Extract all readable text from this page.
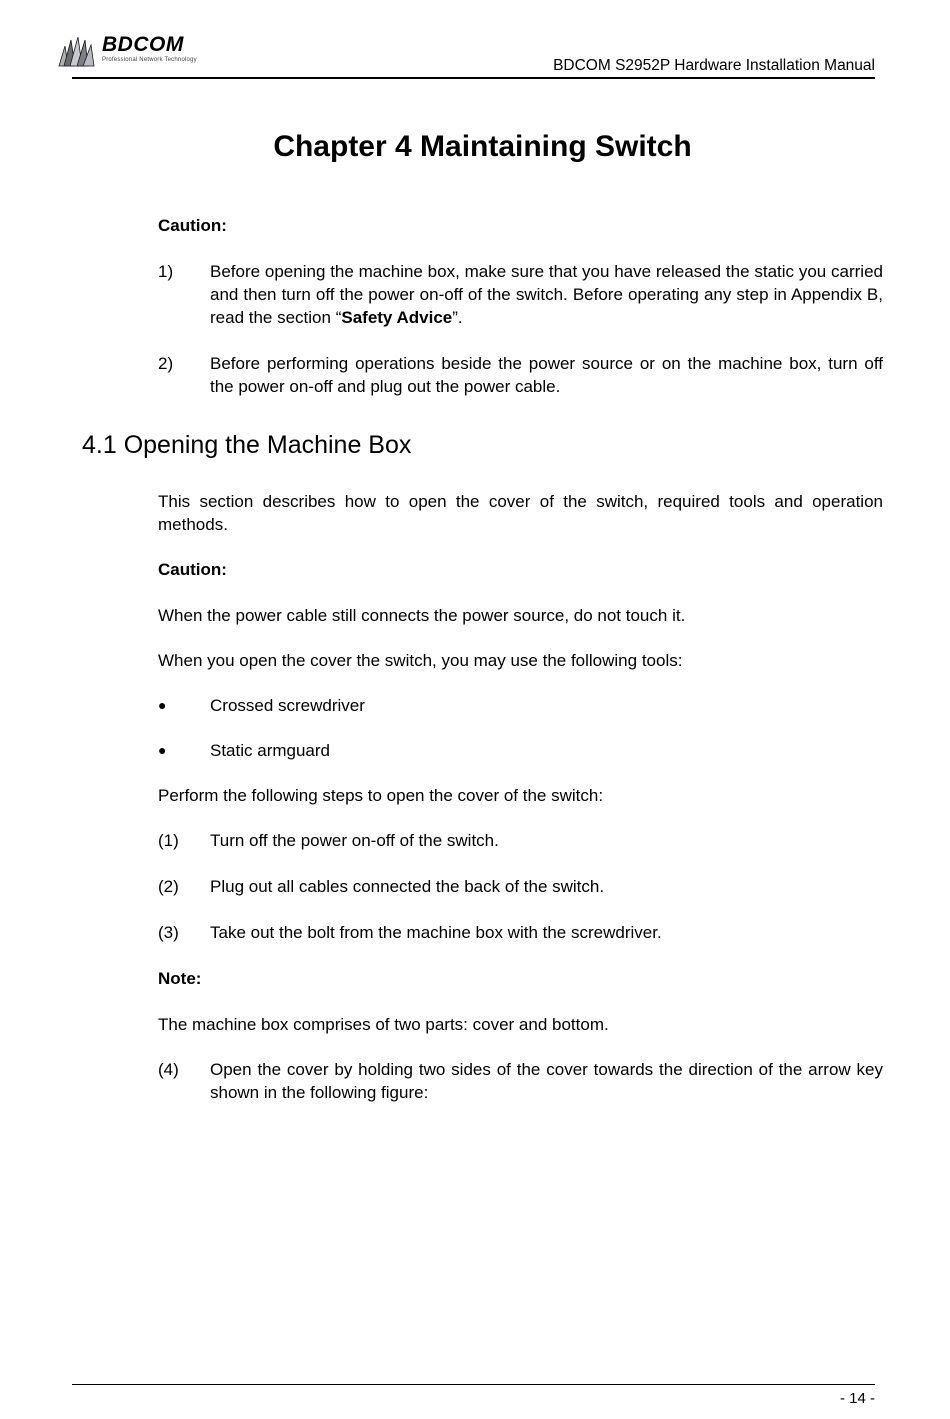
BDCOM
Professional Network Technology	BDCOM S2952P Hardware Installation Manual
Chapter 4 Maintaining Switch

Caution:

1)	Before opening the machine box, make sure that you have released the static you carried and then turn off the power on-off of the switch. Before operating any step in Appendix B, read the section “Safety Advice”.
2)	Before performing operations beside the power source or on the machine box, turn off the power on-off and plug out the power cable.
4.1 Opening the Machine Box

This section describes how to open the cover of the switch, required tools and operation methods.

Caution:

When the power cable still connects the power source, do not touch it.

When you open the cover the switch, you may use the following tools:

●	Crossed screwdriver
●	Static armguard

Perform the following steps to open the cover of the switch:

(1)	Turn off the power on-off of the switch.
(2)	Plug out all cables connected the back of the switch.
(3)	Take out the bolt from the machine box with the screwdriver.

Note:

The machine box comprises of two parts: cover and bottom.

(4)	Open the cover by holding two sides of the cover towards the direction of the arrow key shown in the following figure:
- 14 -
